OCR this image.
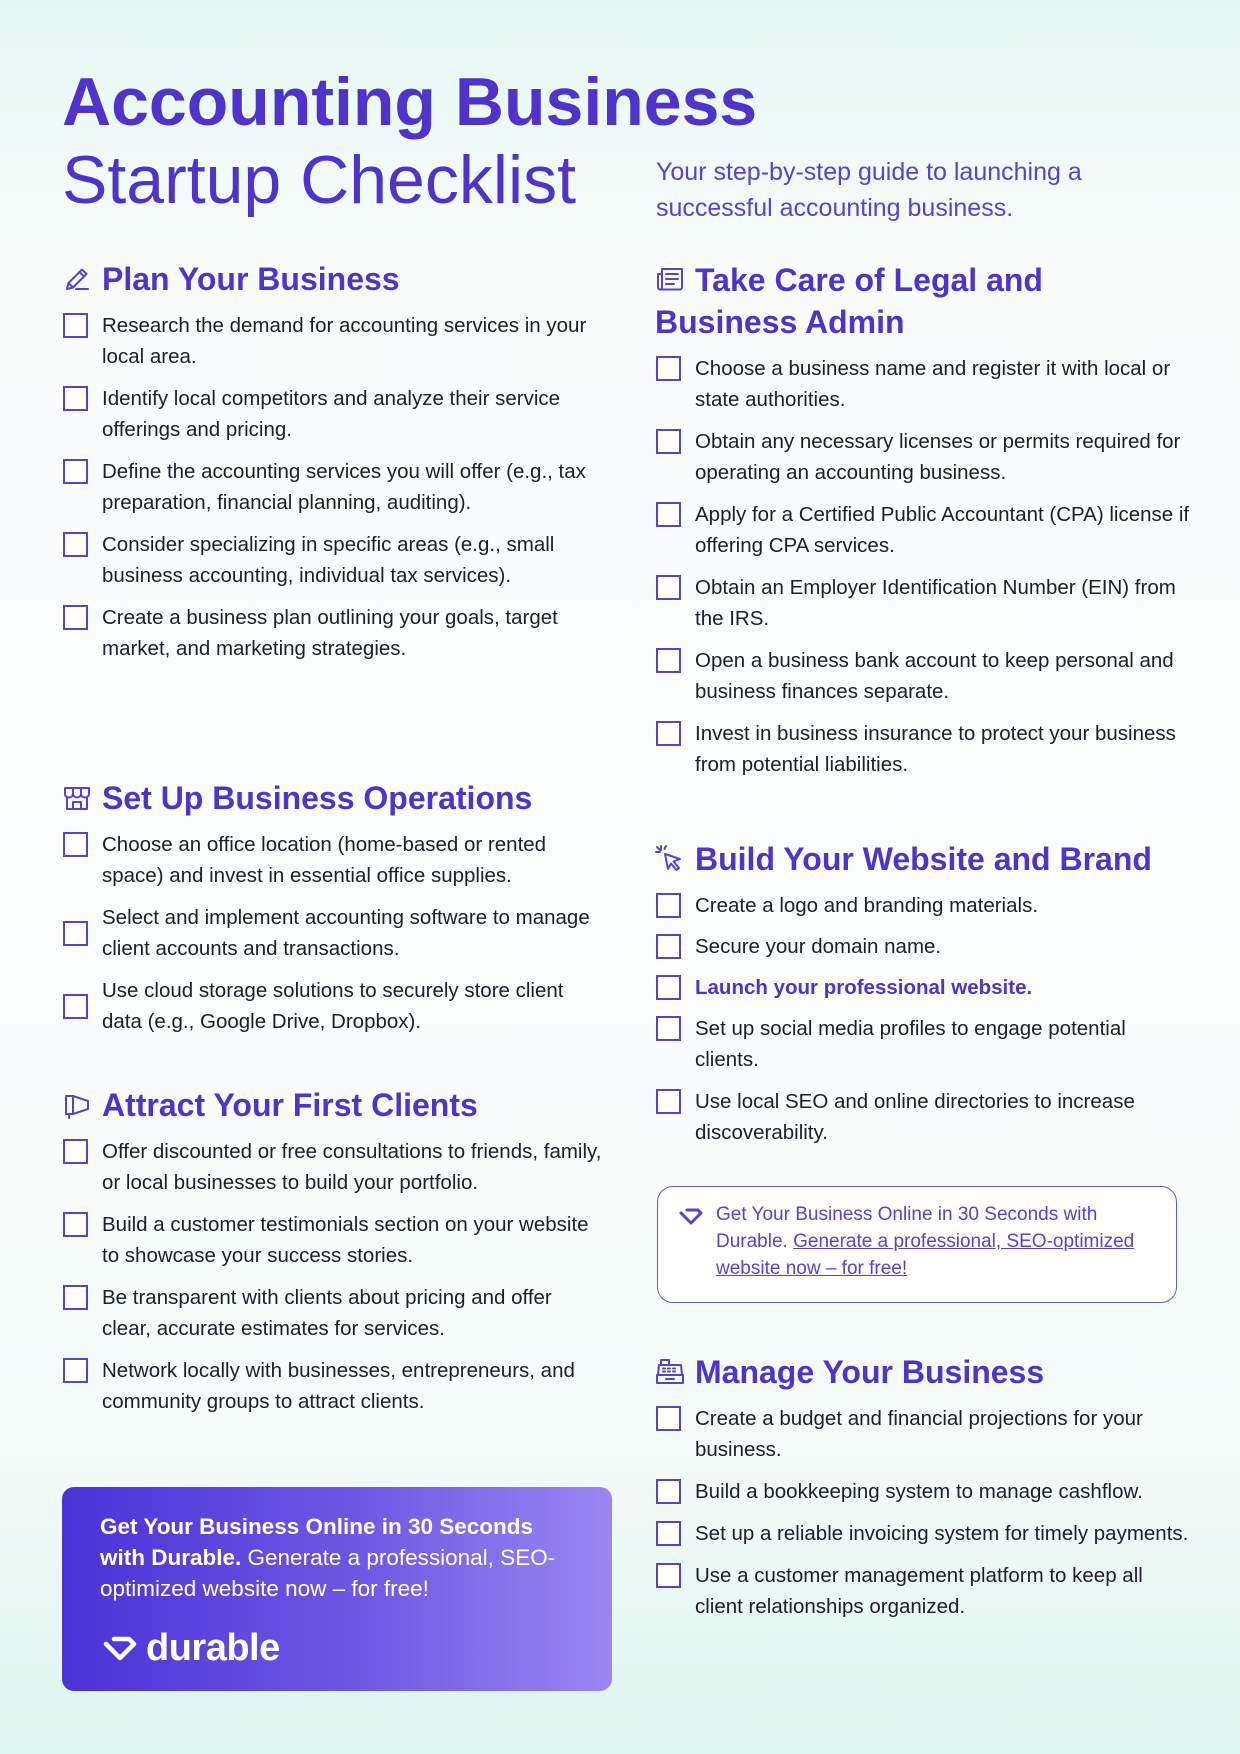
Accounting Business
Startup Checklist	Your step-by-step guide to launching a successful accounting business.

Plan Your Business
Research the demand for accounting services in your local area.
Identify local competitors and analyze their service offerings and pricing.
Define the accounting services you will offer (e.g., tax preparation, financial planning, auditing).
Consider specializing in specific areas (e.g., small business accounting, individual tax services).
Create a business plan outlining your goals, target market, and marketing strategies.
Set Up Business Operations
Choose an office location (home-based or rented space) and invest in essential office supplies.
Select and implement accounting software to manage client accounts and transactions.
Use cloud storage solutions to securely store client data (e.g., Google Drive, Dropbox).
Attract Your First Clients
Offer discounted or free consultations to friends, family, or local businesses to build your portfolio.
Build a customer testimonials section on your website to showcase your success stories.
Be transparent with clients about pricing and offer clear, accurate estimates for services.
Network locally with businesses, entrepreneurs, and community groups to attract clients.
Take Care of Legal and Business Admin
Choose a business name and register it with local or state authorities.
Obtain any necessary licenses or permits required for operating an accounting business.
Apply for a Certified Public Accountant (CPA) license if offering CPA services.
Obtain an Employer Identification Number (EIN) from the IRS.
Open a business bank account to keep personal and business finances separate.
Invest in business insurance to protect your business from potential liabilities.
Build Your Website and Brand
Create a logo and branding materials.
Secure your domain name.
Launch your professional website.
Set up social media profiles to engage potential clients.
Use local SEO and online directories to increase discoverability.

Get Your Business Online in 30 Seconds with Durable. Generate a professional, SEO-optimized website now – for free!

Manage Your Business
Create a budget and financial projections for your business.
Build a bookkeeping system to manage cashflow.
Set up a reliable invoicing system for timely payments.
Use a customer management platform to keep all client relationships organized.

Get Your Business Online in 30 Seconds with Durable. Generate a professional, SEO-optimized website now – for free!

durable
